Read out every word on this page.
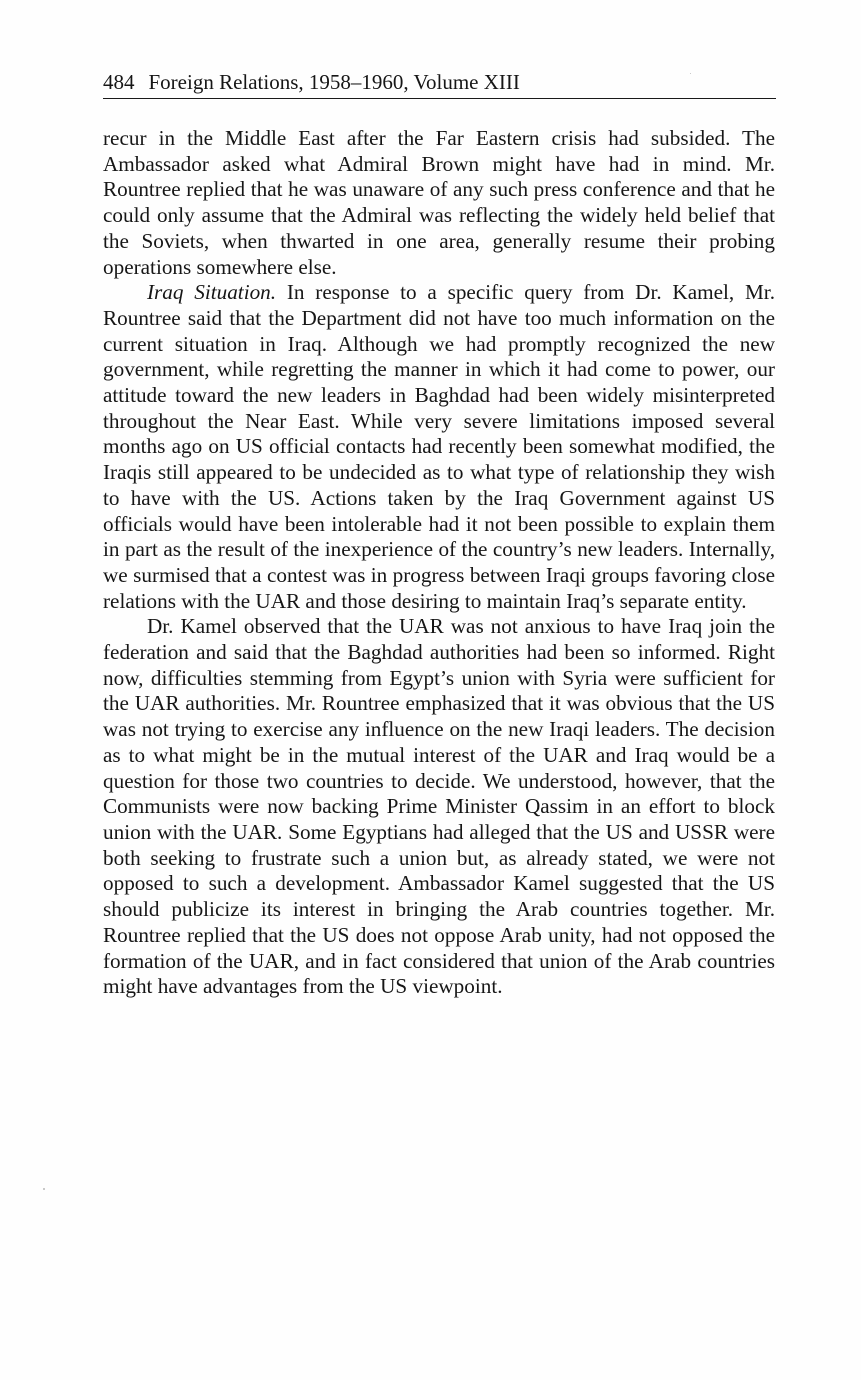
484 Foreign Relations, 1958–1960, Volume XIII

recur in the Middle East after the Far Eastern crisis had subsided. The Ambassador asked what Admiral Brown might have had in mind. Mr. Rountree replied that he was unaware of any such press conference and that he could only assume that the Admiral was reflecting the widely held belief that the Soviets, when thwarted in one area, generally resume their probing operations somewhere else.

Iraq Situation. In response to a specific query from Dr. Kamel, Mr. Rountree said that the Department did not have too much information on the current situation in Iraq. Although we had promptly recognized the new government, while regretting the manner in which it had come to power, our attitude toward the new leaders in Baghdad had been widely misinterpreted throughout the Near East. While very severe limitations imposed several months ago on US official contacts had recently been somewhat modified, the Iraqis still appeared to be undecided as to what type of relationship they wish to have with the US. Actions taken by the Iraq Government against US officials would have been intolerable had it not been possible to explain them in part as the result of the inexperience of the country’s new leaders. Internally, we surmised that a contest was in progress between Iraqi groups favoring close relations with the UAR and those desiring to maintain Iraq’s separate entity.

Dr. Kamel observed that the UAR was not anxious to have Iraq join the federation and said that the Baghdad authorities had been so informed. Right now, difficulties stemming from Egypt’s union with Syria were sufficient for the UAR authorities. Mr. Rountree emphasized that it was obvious that the US was not trying to exercise any influence on the new Iraqi leaders. The decision as to what might be in the mutual interest of the UAR and Iraq would be a question for those two countries to decide. We understood, however, that the Communists were now backing Prime Minister Qassim in an effort to block union with the UAR. Some Egyptians had alleged that the US and USSR were both seeking to frustrate such a union but, as already stated, we were not opposed to such a development. Ambassador Kamel suggested that the US should publicize its interest in bringing the Arab countries together. Mr. Rountree replied that the US does not oppose Arab unity, had not opposed the formation of the UAR, and in fact considered that union of the Arab countries might have advantages from the US viewpoint.
